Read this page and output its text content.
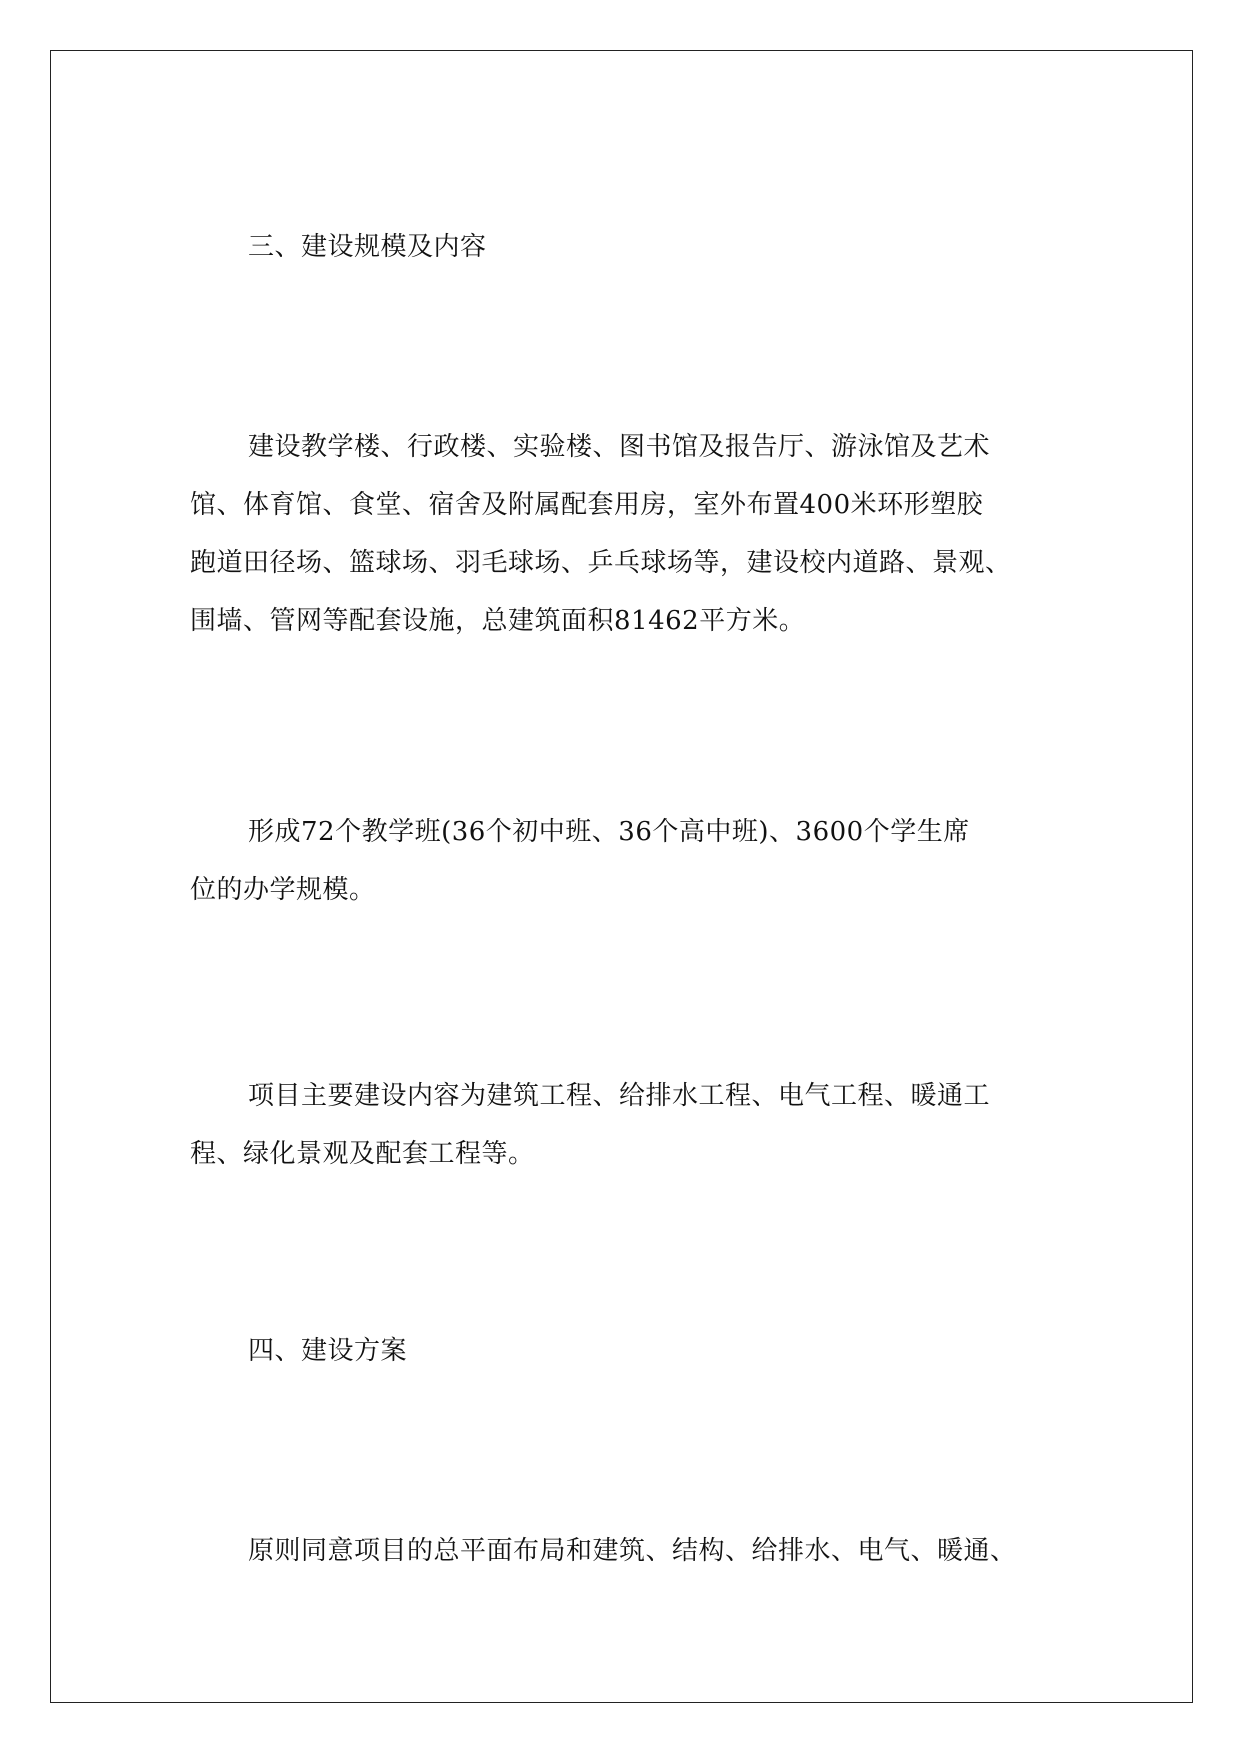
三、建设规模及内容

建设教学楼、行政楼、实验楼、图书馆及报告厅、游泳馆及艺术
馆、体育馆、食堂、宿舍及附属配套用房，室外布置400米环形塑胶
跑道田径场、篮球场、羽毛球场、乒乓球场等，建设校内道路、景观、
围墙、管网等配套设施，总建筑面积81462平方米。
形成72个教学班(36个初中班、36个高中班)、3600个学生席
位的办学规模。
项目主要建设内容为建筑工程、给排水工程、电气工程、暖通工
程、绿化景观及配套工程等。

四、建设方案

原则同意项目的总平面布局和建筑、结构、给排水、电气、暖通、
